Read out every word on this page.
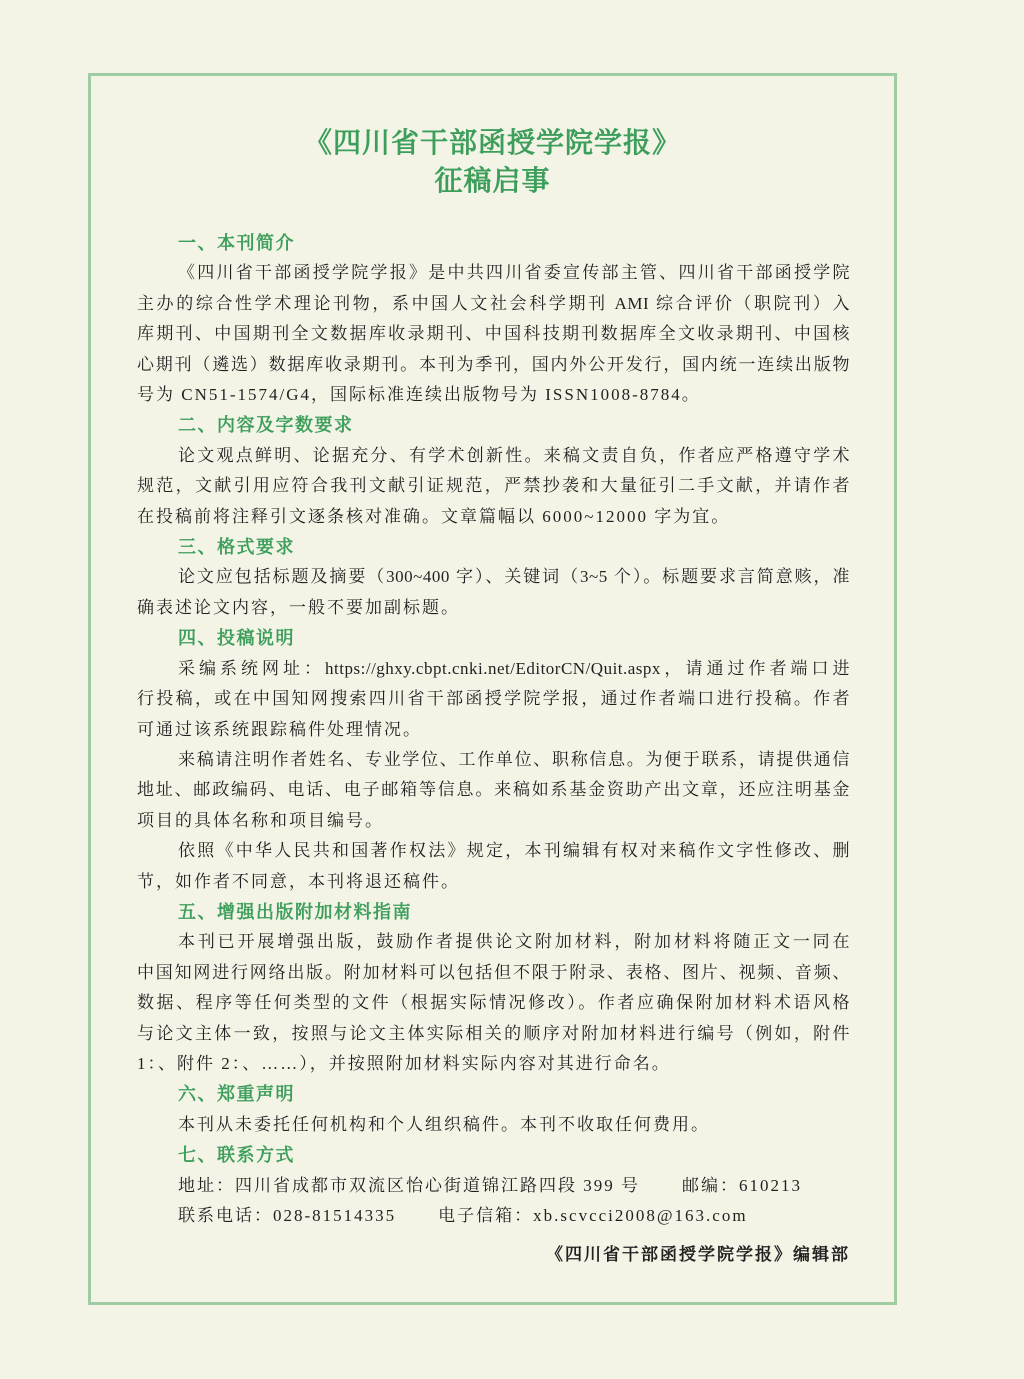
《四川省干部函授学院学报》
征稿启事
一、本刊简介
《四川省干部函授学院学报》是中共四川省委宣传部主管、四川省干部函授学院
主办的综合性学术理论刊物，系中国人文社会科学期刊 AMI 综合评价（职院刊）入
库期刊、中国期刊全文数据库收录期刊、中国科技期刊数据库全文收录期刊、中国核
心期刊（遴选）数据库收录期刊。本刊为季刊，国内外公开发行，国内统一连续出版物
号为 CN51-1574/G4，国际标准连续出版物号为 ISSN1008-8784。
二、内容及字数要求
论文观点鲜明、论据充分、有学术创新性。来稿文责自负，作者应严格遵守学术
规范，文献引用应符合我刊文献引证规范，严禁抄袭和大量征引二手文献，并请作者
在投稿前将注释引文逐条核对准确。文章篇幅以 6000~12000 字为宜。
三、格式要求
论文应包括标题及摘要（300~400 字）、关键词（3~5 个）。标题要求言简意赅，准
确表述论文内容，一般不要加副标题。
四、投稿说明
采编系统网址：https://ghxy.cbpt.cnki.net/EditorCN/Quit.aspx，请通过作者端口进
行投稿，或在中国知网搜索四川省干部函授学院学报，通过作者端口进行投稿。作者
可通过该系统跟踪稿件处理情况。
来稿请注明作者姓名、专业学位、工作单位、职称信息。为便于联系，请提供通信
地址、邮政编码、电话、电子邮箱等信息。来稿如系基金资助产出文章，还应注明基金
项目的具体名称和项目编号。
依照《中华人民共和国著作权法》规定，本刊编辑有权对来稿作文字性修改、删
节，如作者不同意，本刊将退还稿件。
五、增强出版附加材料指南
本刊已开展增强出版，鼓励作者提供论文附加材料，附加材料将随正文一同在
中国知网进行网络出版。附加材料可以包括但不限于附录、表格、图片、视频、音频、
数据、程序等任何类型的文件（根据实际情况修改）。作者应确保附加材料术语风格
与论文主体一致，按照与论文主体实际相关的顺序对附加材料进行编号（例如，附件
1：、附件 2：、……），并按照附加材料实际内容对其进行命名。
六、郑重声明
本刊从未委托任何机构和个人组织稿件。本刊不收取任何费用。
七、联系方式
地址：四川省成都市双流区怡心街道锦江路四段 399 号 邮编：610213
联系电话：028-81514335 电子信箱：xb.scvcci2008@163.com
《四川省干部函授学院学报》编辑部
